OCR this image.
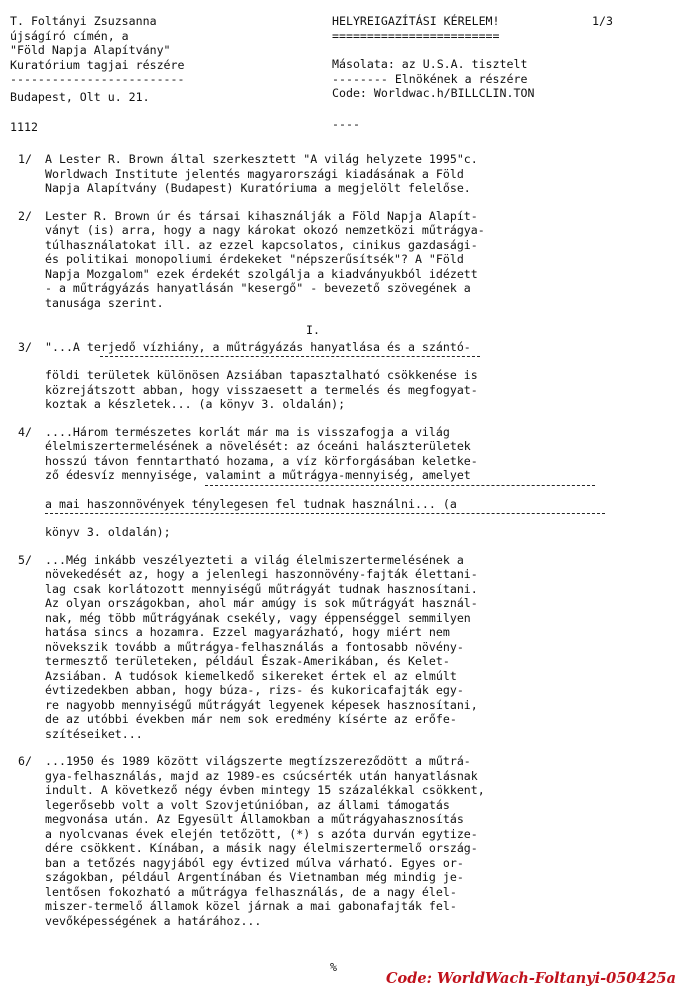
T. Foltányi Zsuzsanna
újságíró címén, a
"Föld Napja Alapítvány"
Kuratórium tagjai részére
-------------------------
Budapest, Olt u. 21.
1112
HELYREIGAZÍTÁSI KÉRELEM!
========================
Másolata: az U.S.A. tisztelt
-------- Elnökének a részére
Code: Worldwac.h/BILLCLIN.TON
----
1/3
1/	A Lester R. Brown által szerkesztett "A világ helyzete 1995"c.
Worldwach Institute jelentés magyarországi kiadásának a Föld
Napja Alapítvány (Budapest) Kuratóriuma a megjelölt felelőse.
2/	Lester R. Brown úr és társai kihasználják a Föld Napja Alapít-
ványt (is) arra, hogy a nagy károkat okozó nemzetközi műtrágya-
túlhasználatokat ill. az ezzel kapcsolatos, cinikus gazdasági-
és politikai monopoliumi érdekeket "népszerűsítsék"? A "Föld
Napja Mozgalom" ezek érdekét szolgálja a kiadványukból idézett
- a műtrágyázás hanyatlásán "kesergő" - bevezető szövegének a
tanusága szerint.
I.
3/	"...A terjedő vízhiány, a műtrágyázás hanyatlása és a szántó-
földi területek különösen Azsiában tapasztalható csökkenése is
közrejátszott abban, hogy visszaesett a termelés és megfogyat-
koztak a készletek... (a könyv 3. oldalán);
4/	....Három természetes korlát már ma is visszafogja a világ
élelmiszertermelésének a növelését: az óceáni halászterületek
hosszú távon fenntartható hozama, a víz körforgásában keletke-
ző édesvíz mennyisége, valamint a műtrágya-mennyiség, amelyet
a mai haszonnövények ténylegesen fel tudnak használni... (a
könyv 3. oldalán);
5/	...Még inkább veszélyezteti a világ élelmiszertermelésének a
növekedését az, hogy a jelenlegi haszonnövény-fajták élettani-
lag csak korlátozott mennyiségű műtrágyát tudnak hasznosítani.
Az olyan országokban, ahol már amúgy is sok műtrágyát használ-
nak, még több műtrágyának csekély, vagy éppenséggel semmilyen
hatása sincs a hozamra. Ezzel magyarázható, hogy miért nem
növekszik tovább a műtrágya-felhasználás a fontosabb növény-
termesztő területeken, például Észak-Amerikában, és Kelet-
Azsiában. A tudósok kiemelkedő sikereket értek el az elmúlt
évtizedekben abban, hogy búza-, rizs- és kukoricafajták egy-
re nagyobb mennyiségű műtrágyát legyenek képesek hasznosítani,
de az utóbbi években már nem sok eredmény kísérte az erőfe-
szítéseiket...
6/	...1950 és 1989 között világszerte megtízszereződött a műtrá-
gya-felhasználás, majd az 1989-es csúcsérték után hanyatlásnak
indult. A következő négy évben mintegy 15 százalékkal csökkent,
legerősebb volt a volt Szovjetúnióban, az állami támogatás
megvonása után. Az Egyesült Államokban a műtrágyahasznosítás
a nyolcvanas évek elején tetőzött, (*) s azóta durván egytize-
dére csökkent. Kínában, a másik nagy élelmiszertermelő ország-
ban a tetőzés nagyjából egy évtized múlva várható. Egyes or-
szágokban, például Argentínában és Vietnamban még mindig je-
lentősen fokozható a műtrágya felhasználás, de a nagy élel-
miszer-termelő államok közel járnak a mai gabonafajták fel-
vevőképességének a határához...
%
Code: WorldWach-Foltanyi-050425a
